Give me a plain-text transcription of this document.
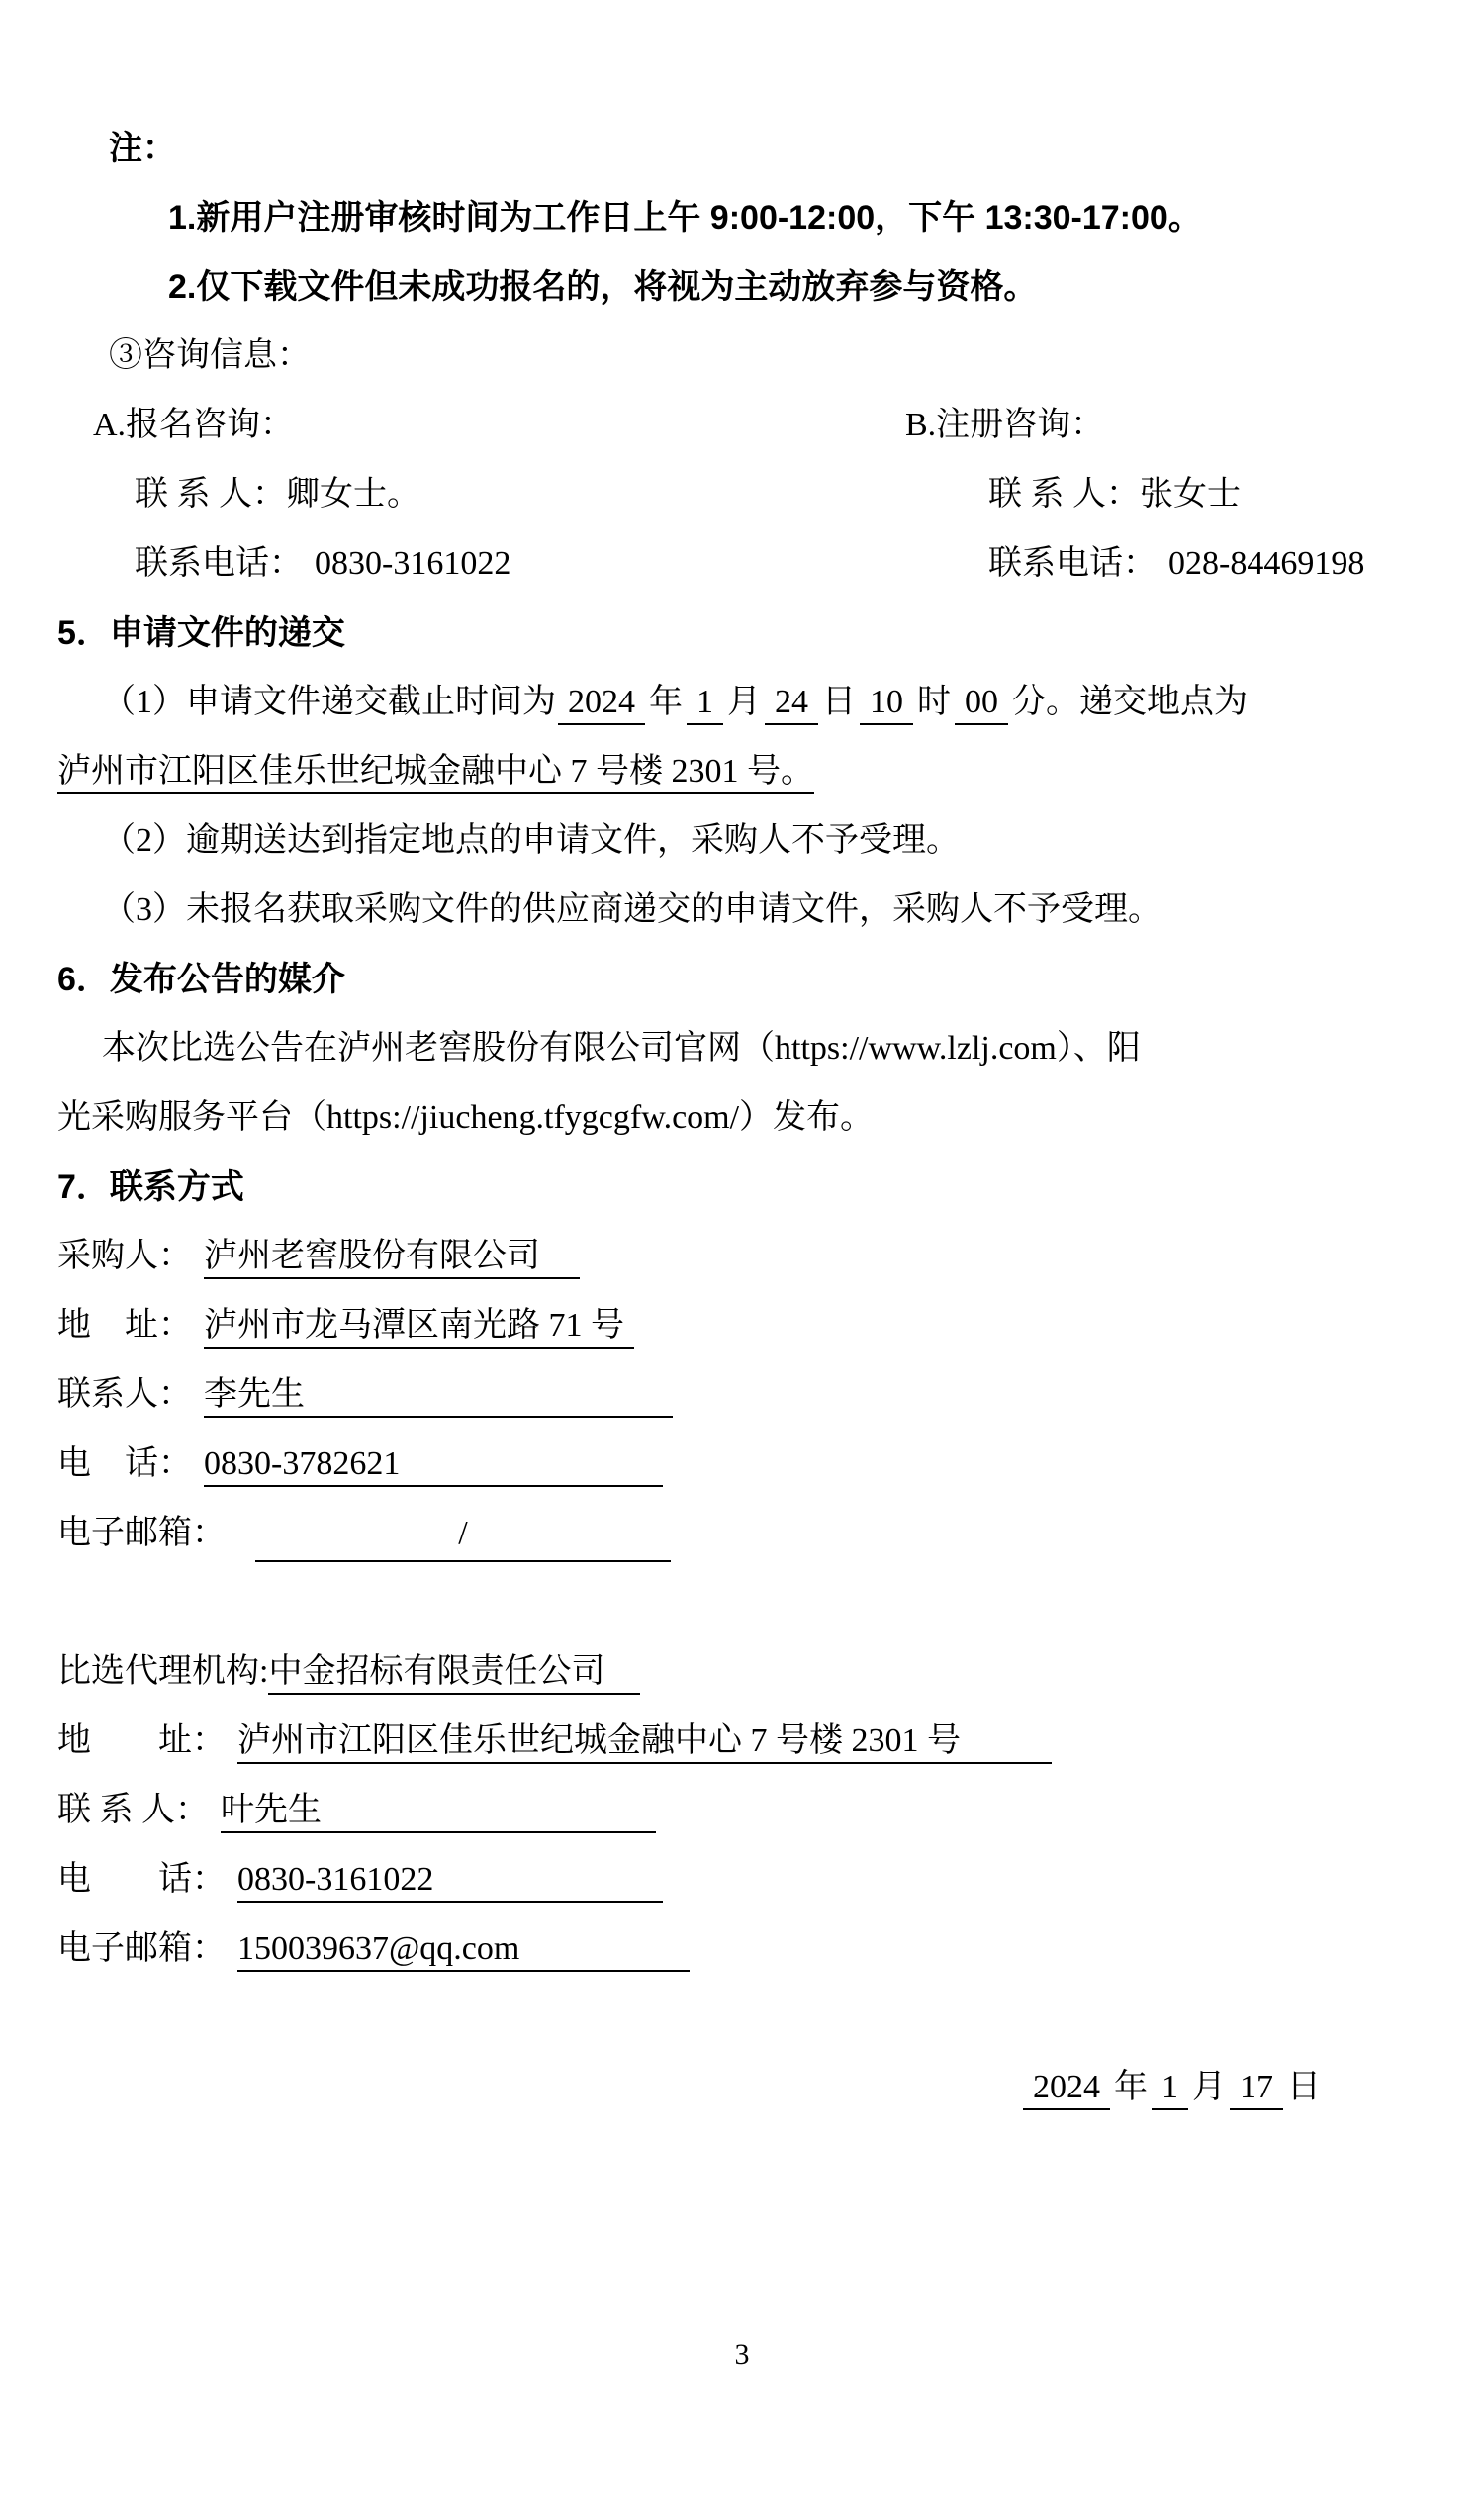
注：
1.新用户注册审核时间为工作日上午 9:00-12:00，下午 13:30-17:00。
2.仅下载文件但未成功报名的，将视为主动放弃参与资格。
③咨询信息：
A.报名咨询：	B.注册咨询：
联 系 人：卿女士。	联 系 人：张女士
联系电话： 0830-3161022	联系电话： 028-84469198
5．申请文件的递交
（1）申请文件递交截止时间为 2024 年 1 月 24 日 10 时 00 分。递交地点为
泸州市江阳区佳乐世纪城金融中心 7 号楼 2301 号。
（2）逾期送达到指定地点的申请文件，采购人不予受理。
（3）未报名获取采购文件的供应商递交的申请文件，采购人不予受理。
6．发布公告的媒介
本次比选公告在泸州老窖股份有限公司官网（https://www.lzlj.com）、阳
光采购服务平台（https://jiucheng.tfygcgfw.com/）发布。
7．联系方式
采购人： 泸州老窖股份有限公司
地　址： 泸州市龙马潭区南光路 71 号
联系人： 李先生
电　话： 0830-3782621
电子邮箱：	/
比选代理机构:中金招标有限责任公司
地　　址： 泸州市江阳区佳乐世纪城金融中心 7 号楼 2301 号
联 系 人： 叶先生
电　　话： 0830-3161022
电子邮箱： 150039637@qq.com
2024 年 1 月 17 日
3
